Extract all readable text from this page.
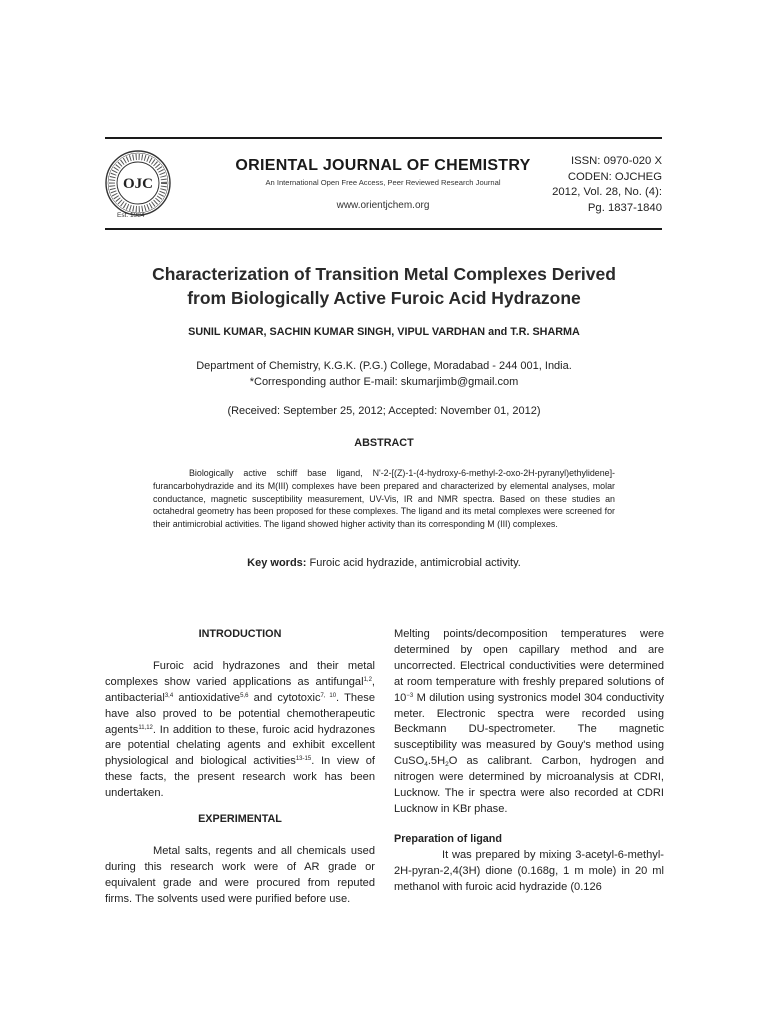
OJC
Est. 1984
ORIENTAL JOURNAL OF CHEMISTRY
An International Open Free Access, Peer Reviewed Research Journal
www.orientjchem.org
ISSN: 0970-020 X
CODEN: OJCHEG
2012, Vol. 28, No. (4):
Pg. 1837-1840
Characterization of Transition Metal Complexes Derived
from Biologically Active Furoic Acid Hydrazone
SUNIL KUMAR, SACHIN KUMAR SINGH, VIPUL VARDHAN and T.R. SHARMA
Department of Chemistry, K.G.K. (P.G.) College, Moradabad - 244 001, India.
*Corresponding author E-mail: skumarjimb@gmail.com
(Received: September 25, 2012; Accepted: November 01, 2012)
ABSTRACT
Biologically active schiff base ligand, N'-2-[(Z)-1-(4-hydroxy-6-methyl-2-oxo-2H-pyranyl)ethylidene]-furancarbohydrazide and its M(III) complexes have been prepared and characterized by elemental analyses, molar conductance, magnetic susceptibility measurement, UV-Vis, IR and NMR spectra. Based on these studies an octahedral geometry has been proposed for these complexes. The ligand and its metal complexes were screened for their antimicrobial activities. The ligand showed higher activity than its corresponding M (III) complexes.
Key words: Furoic acid hydrazide, antimicrobial activity.

INTRODUCTION

Furoic acid hydrazones and their metal complexes show varied applications as antifungal$^{1,2}$, antibacterial$^{3,4}$ antioxidative$^{5,6}$ and cytotoxic$^{7, 10}$. These have also proved to be potential chemotherapeutic agents$^{11,12}$. In addition to these, furoic acid hydrazones are potential chelating agents and exhibit excellent physiological and biological activities$^{13-15}$. In view of these facts, the present research work has been undertaken.

EXPERIMENTAL

Metal salts, regents and all chemicals used during this research work were of AR grade or equivalent grade and were procured from reputed firms. The solvents used were purified before use.

Melting points/decomposition temperatures were determined by open capillary method and are uncorrected. Electrical conductivities were determined at room temperature with freshly prepared solutions of $10^{-3}$ M dilution using systronics model 304 conductivity meter. Electronic spectra were recorded using Beckmann DU-spectrometer. The magnetic susceptibility was measured by Gouy's method using $CuSO_4.5H_2O$ as calibrant. Carbon, hydrogen and nitrogen were determined by microanalysis at CDRI, Lucknow. The ir spectra were also recorded at CDRI Lucknow in KBr phase.

Preparation of ligand

It was prepared by mixing 3-acetyl-6-methyl-2H-pyran-2,4(3H) dione (0.168g, 1 m mole) in 20 ml methanol with furoic acid hydrazide (0.126
